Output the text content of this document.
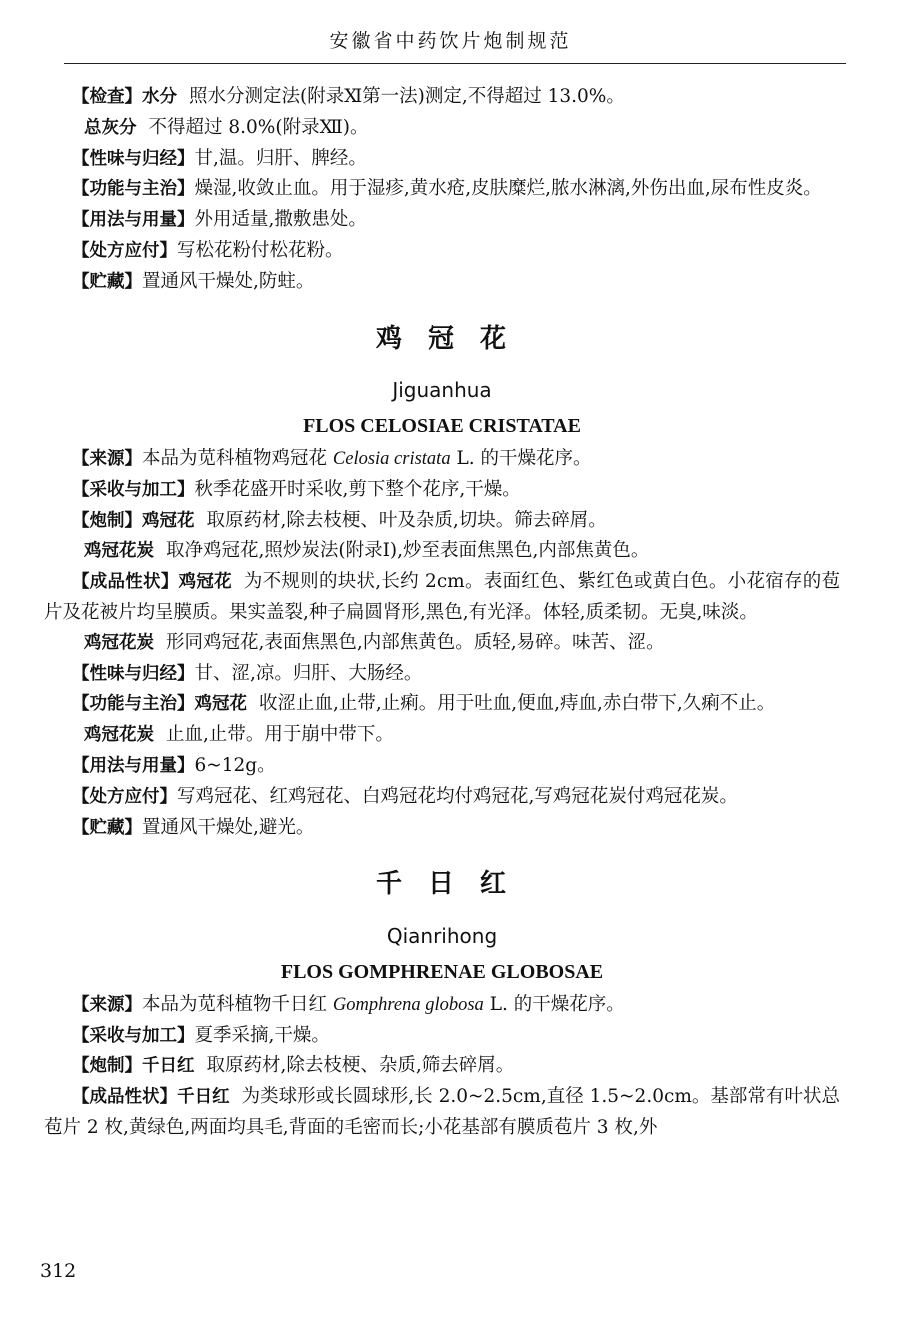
安徽省中药饮片炮制规范

【检查】水分 照水分测定法(附录Ⅺ第一法)测定,不得超过 13.0%。

总灰分 不得超过 8.0%(附录Ⅻ)。

【性味与归经】甘,温。归肝、脾经。

【功能与主治】燥湿,收敛止血。用于湿疹,黄水疮,皮肤糜烂,脓水淋漓,外伤出血,尿布性皮炎。

【用法与用量】外用适量,撒敷患处。

【处方应付】写松花粉付松花粉。

【贮藏】置通风干燥处,防蛀。

鸡冠花
Jiguanhua
FLOS CELOSIAE CRISTATAE

【来源】本品为苋科植物鸡冠花 Celosia cristata L. 的干燥花序。

【采收与加工】秋季花盛开时采收,剪下整个花序,干燥。

【炮制】鸡冠花 取原药材,除去枝梗、叶及杂质,切块。筛去碎屑。

鸡冠花炭 取净鸡冠花,照炒炭法(附录Ⅰ),炒至表面焦黑色,内部焦黄色。

【成品性状】鸡冠花 为不规则的块状,长约 2cm。表面红色、紫红色或黄白色。小花宿存的苞片及花被片均呈膜质。果实盖裂,种子扁圆肾形,黑色,有光泽。体轻,质柔韧。无臭,味淡。

鸡冠花炭 形同鸡冠花,表面焦黑色,内部焦黄色。质轻,易碎。味苦、涩。

【性味与归经】甘、涩,凉。归肝、大肠经。

【功能与主治】鸡冠花 收涩止血,止带,止痢。用于吐血,便血,痔血,赤白带下,久痢不止。

鸡冠花炭 止血,止带。用于崩中带下。

【用法与用量】6~12g。

【处方应付】写鸡冠花、红鸡冠花、白鸡冠花均付鸡冠花,写鸡冠花炭付鸡冠花炭。

【贮藏】置通风干燥处,避光。

千日红
Qianrihong
FLOS GOMPHRENAE GLOBOSAE

【来源】本品为苋科植物千日红 Gomphrena globosa L. 的干燥花序。

【采收与加工】夏季采摘,干燥。

【炮制】千日红 取原药材,除去枝梗、杂质,筛去碎屑。

【成品性状】千日红 为类球形或长圆球形,长 2.0~2.5cm,直径 1.5~2.0cm。基部常有叶状总苞片 2 枚,黄绿色,两面均具毛,背面的毛密而长;小花基部有膜质苞片 3 枚,外

312
